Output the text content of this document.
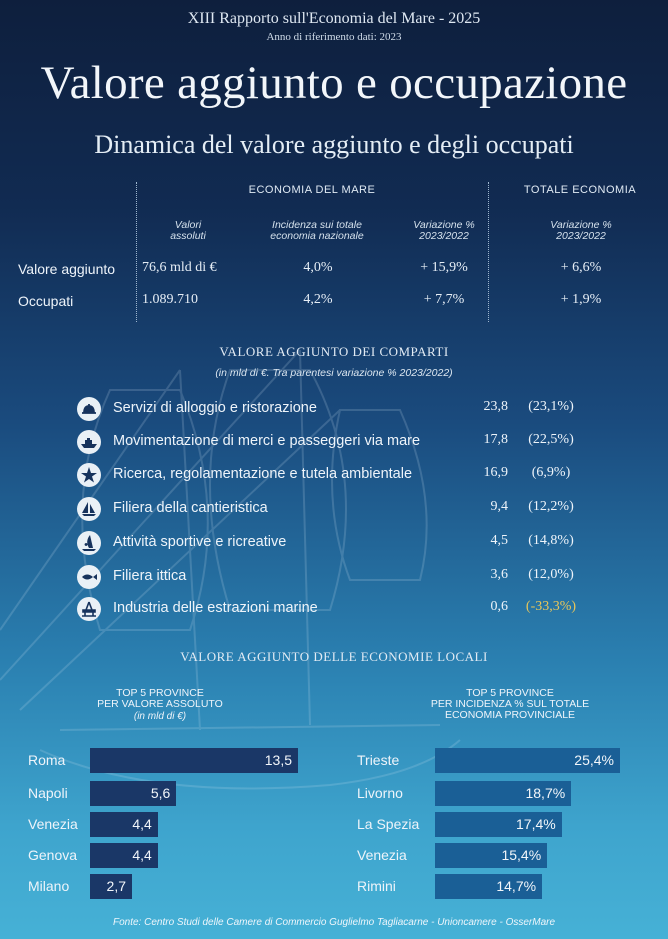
XIII Rapporto sull'Economia del Mare - 2025
Anno di riferimento dati: 2023
Valore aggiunto e occupazione
Dinamica del valore aggiunto e degli occupati
ECONOMIA DEL MARE	TOTALE ECONOMIA
Valori
assoluti
Incidenza sui totale
economia nazionale
Variazione %
2023/2022
Variazione %
2023/2022
Valore aggiunto 76,6 mld di €	4,0%	+ 15,9%	+ 6,6%
Occupati	1.089.710	4,2%	+ 7,7%	+ 1,9%
VALORE AGGIUNTO DEI COMPARTI
(in mld di €. Tra parentesi variazione % 2023/2022)
Servizi di alloggio e ristorazione	23,8	(23,1%)
Movimentazione di merci e passeggeri via mare	17,8	(22,5%)
Ricerca, regolamentazione e tutela ambientale	16,9	(6,9%)
Filiera della cantieristica	9,4	(12,2%)
Attività sportive e ricreative	4,5	(14,8%)
Filiera ittica	3,6	(12,0%)
Industria delle estrazioni marine	0,6	(-33,3%)
VALORE AGGIUNTO DELLE ECONOMIE LOCALI
TOP 5 PROVINCE
PER VALORE ASSOLUTO
(in mld di €)
TOP 5 PROVINCE
PER INCIDENZA % SUL TOTALE
ECONOMIA PROVINCIALE
Roma	13,5
Napoli	5,6
Venezia	4,4
Genova	4,4
Milano	2,7
Trieste	25,4%
Livorno	18,7%
La Spezia	17,4%
Venezia	15,4%
Rimini	14,7%
Fonte: Centro Studi delle Camere di Commercio Guglielmo Tagliacarne - Unioncamere - OsserMare
